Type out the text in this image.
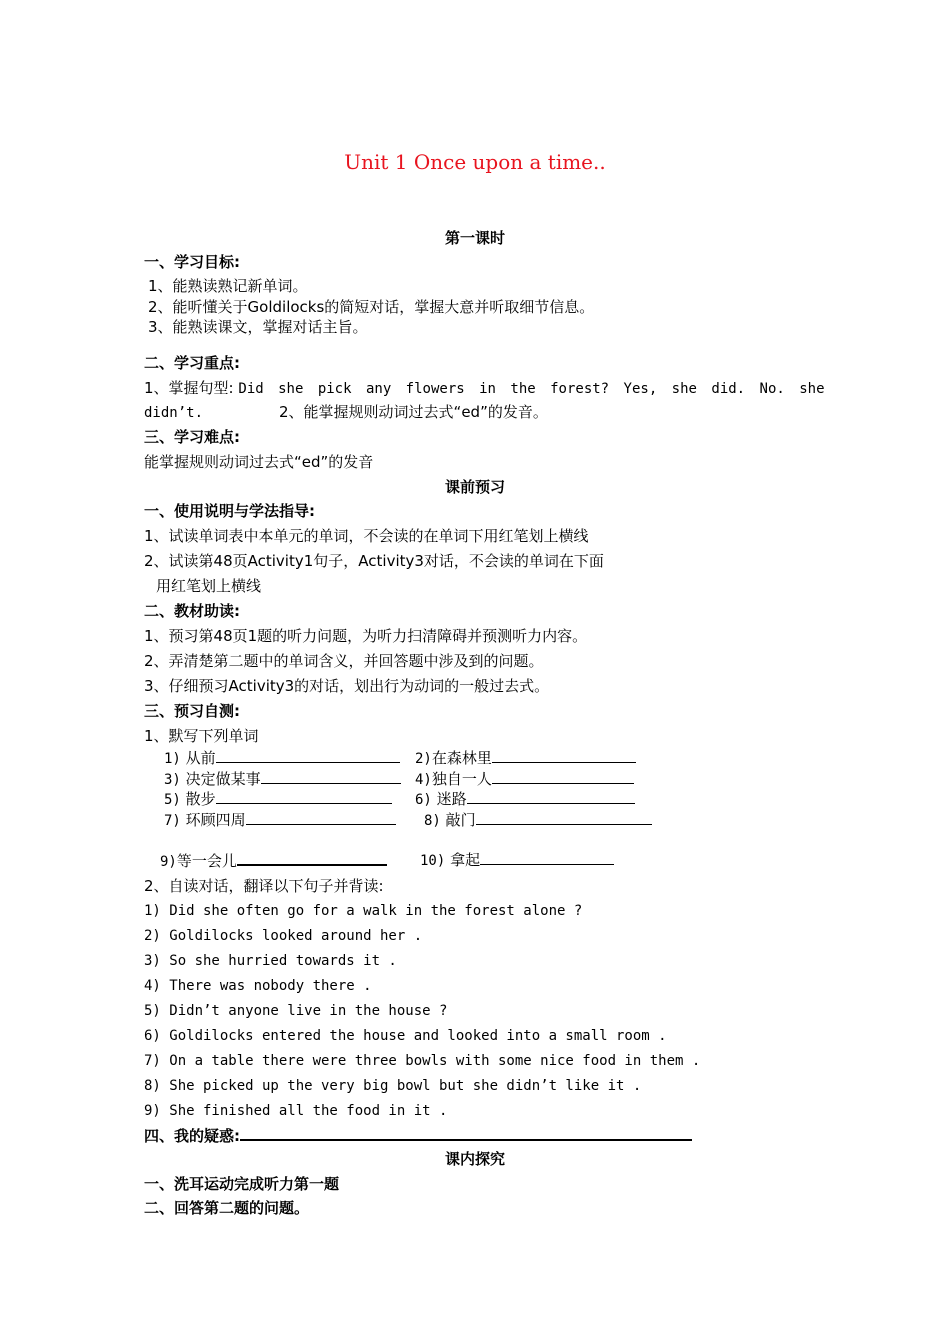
Unit 1 Once upon a time..
第一课时
一、学习目标:
1、能熟读熟记新单词。
2、能听懂关于Goldilocks的简短对话，掌握大意并听取细节信息。
3、能熟读课文，掌握对话主旨。
二、学习重点:
1、掌握句型: Did she pick any flowers in the forest? Yes, she did. No. she
didn’t.	2、能掌握规则动词过去式“ed”的发音。
三、学习难点:
能掌握规则动词过去式“ed”的发音
课前预习
一、使用说明与学法指导:
1、试读单词表中本单元的单词，不会读的在单词下用红笔划上横线
2、试读第48页Activity1句子，Activity3对话，不会读的单词在下面
用红笔划上横线
二、教材助读:
1、预习第48页1题的听力问题，为听力扫清障碍并预测听力内容。
2、弄清楚第二题中的单词含义，并回答题中涉及到的问题。
3、仔细预习Activity3的对话，划出行为动词的一般过去式。
三、预习自测:
1、默写下列单词
1) 从前	2)在森林里
3) 决定做某事	4)独自一人
5) 散步	6) 迷路
7) 环顾四周	8) 敲门
9)等一会儿	10) 拿起
2、自读对话，翻译以下句子并背读:
1) Did she often go for a walk in the forest alone ?
2) Goldilocks looked around her .
3) So she hurried towards it .
4) There was nobody there .
5) Didn’t anyone live in the house ?
6) Goldilocks entered the house and looked into a small room .
7) On a table there were three bowls with some nice food in them .
8) She picked up the very big bowl but she didn’t like it .
9) She finished all the food in it .
四、我的疑惑:
课内探究
一、洗耳运动完成听力第一题
二、回答第二题的问题。
